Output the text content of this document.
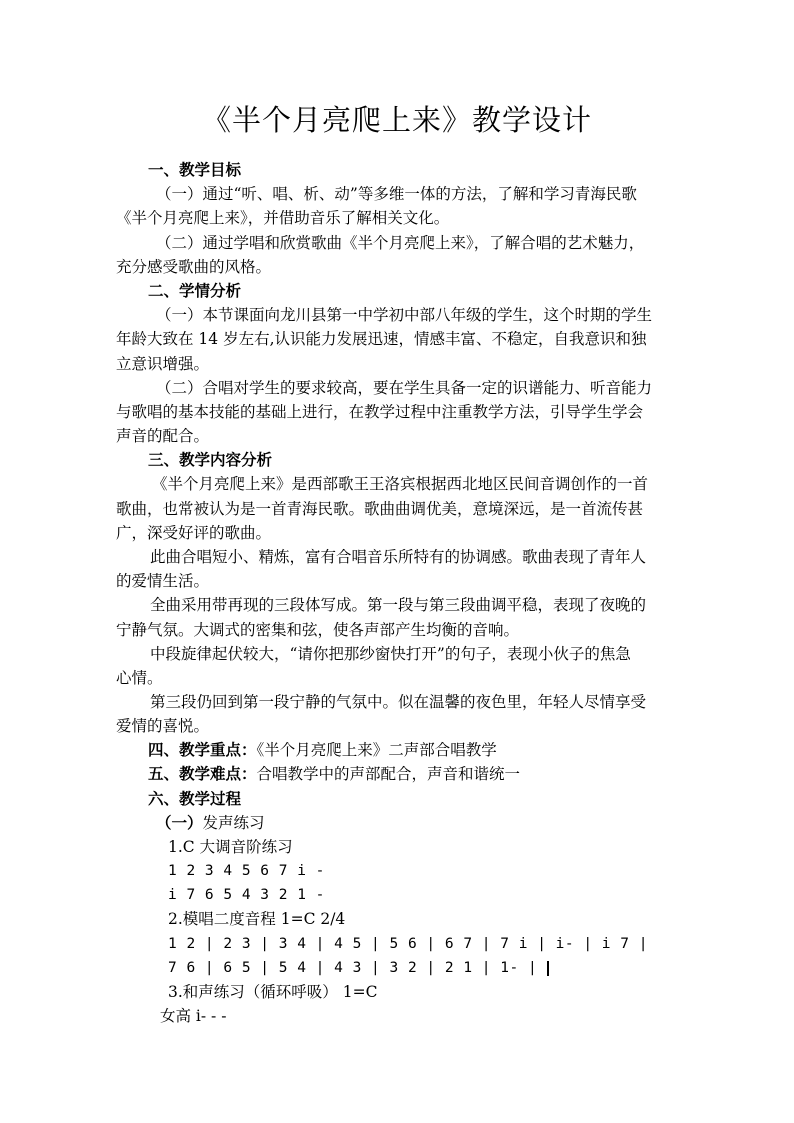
《半个月亮爬上来》教学设计
一、教学目标
（一）通过“听、唱、析、动”等多维一体的方法，了解和学习青海民歌
《半个月亮爬上来》，并借助音乐了解相关文化。
（二）通过学唱和欣赏歌曲《半个月亮爬上来》，了解合唱的艺术魅力，
充分感受歌曲的风格。
二、学情分析
（一）本节课面向龙川县第一中学初中部八年级的学生，这个时期的学生
年龄大致在 14 岁左右,认识能力发展迅速，情感丰富、不稳定，自我意识和独
立意识增强。
（二）合唱对学生的要求较高，要在学生具备一定的识谱能力、听音能力
与歌唱的基本技能的基础上进行，在教学过程中注重教学方法，引导学生学会
声音的配合。
三、教学内容分析
《半个月亮爬上来》是西部歌王王洛宾根据西北地区民间音调创作的一首
歌曲，也常被认为是一首青海民歌。歌曲曲调优美，意境深远，是一首流传甚
广，深受好评的歌曲。
此曲合唱短小、精炼，富有合唱音乐所特有的协调感。歌曲表现了青年人
的爱情生活。
全曲采用带再现的三段体写成。第一段与第三段曲调平稳，表现了夜晚的
宁静气氛。大调式的密集和弦，使各声部产生均衡的音响。
中段旋律起伏较大，“请你把那纱窗快打开”的句子，表现小伙子的焦急
心情。
第三段仍回到第一段宁静的气氛中。似在温馨的夜色里，年轻人尽情享受
爱情的喜悦。
四、教学重点：《半个月亮爬上来》二声部合唱教学
五、教学难点：合唱教学中的声部配合，声音和谐统一
六、教学过程
（一）发声练习
1.C 大调音阶练习
1 2 3 4 5 6 7 i -
i 7 6 5 4 3 2 1 -
2.模唱二度音程 1=C 2/4
1 2 | 2 3 | 3 4 | 4 5 | 5 6 | 6 7 | 7 i | i- | i 7 |
7 6 | 6 5 | 5 4 | 4 3 | 3 2 | 2 1 | 1- |
3.和声练习（循环呼吸） 1=C
女高 i- - -
